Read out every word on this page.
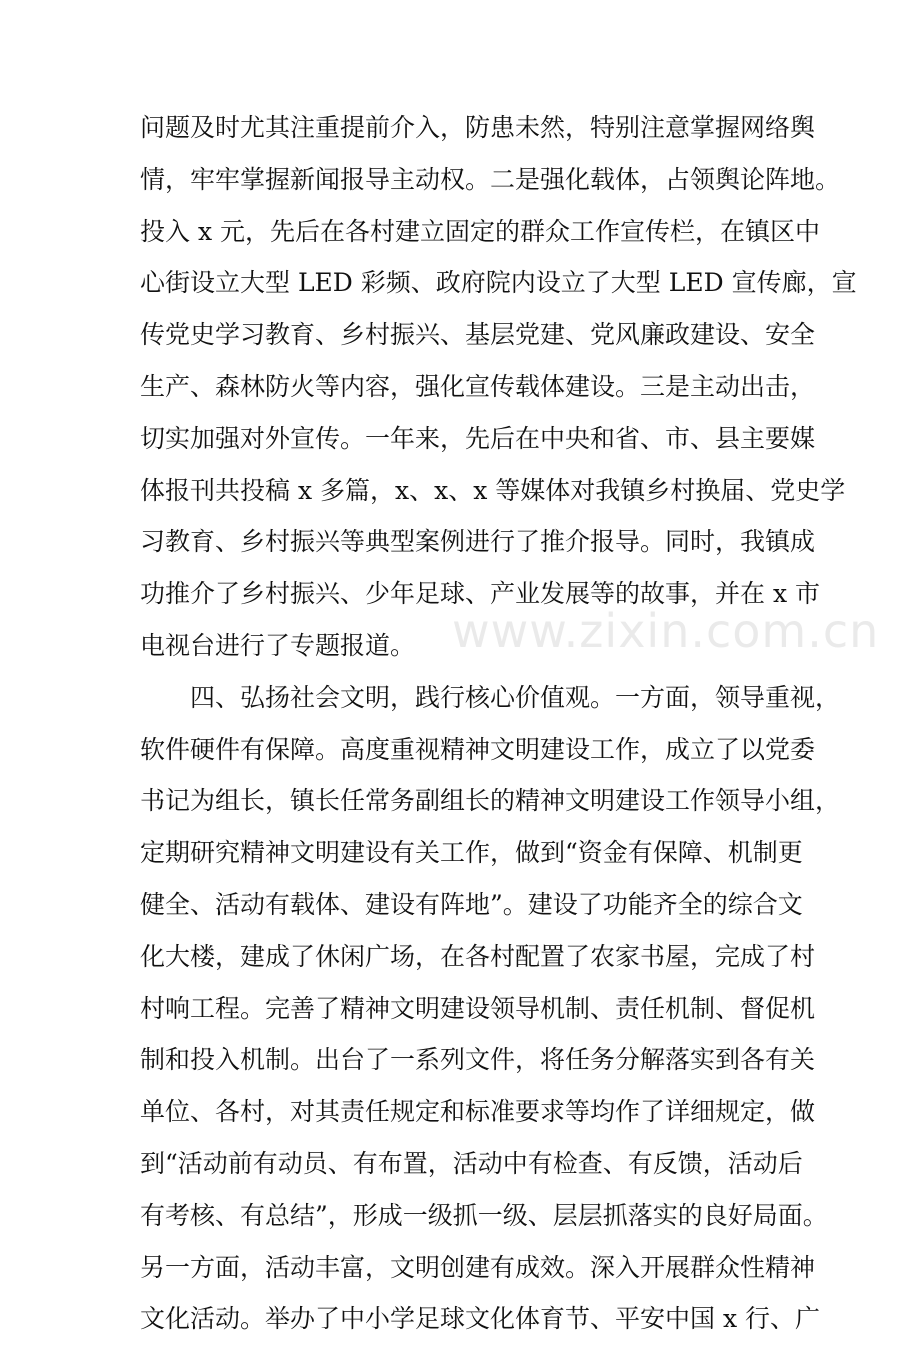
问题及时尤其注重提前介入，防患未然，特别注意掌握网络舆
情，牢牢掌握新闻报导主动权。二是强化载体，占领舆论阵地。
投入 x 元，先后在各村建立固定的群众工作宣传栏，在镇区中
心街设立大型 LED 彩频、政府院内设立了大型 LED 宣传廊，宣
传党史学习教育、乡村振兴、基层党建、党风廉政建设、安全
生产、森林防火等内容，强化宣传载体建设。三是主动出击，
切实加强对外宣传。一年来，先后在中央和省、市、县主要媒
体报刊共投稿 x 多篇，x、x、x 等媒体对我镇乡村换届、党史学
习教育、乡村振兴等典型案例进行了推介报导。同时，我镇成
功推介了乡村振兴、少年足球、产业发展等的故事，并在 x 市
电视台进行了专题报道。
四、弘扬社会文明，践行核心价值观。一方面，领导重视，
软件硬件有保障。高度重视精神文明建设工作，成立了以党委
书记为组长，镇长任常务副组长的精神文明建设工作领导小组，
定期研究精神文明建设有关工作，做到“资金有保障、机制更
健全、活动有载体、建设有阵地”。建设了功能齐全的综合文
化大楼，建成了休闲广场，在各村配置了农家书屋，完成了村
村响工程。完善了精神文明建设领导机制、责任机制、督促机
制和投入机制。出台了一系列文件，将任务分解落实到各有关
单位、各村，对其责任规定和标准要求等均作了详细规定，做
到“活动前有动员、有布置，活动中有检查、有反馈，活动后
有考核、有总结”，形成一级抓一级、层层抓落实的良好局面。
另一方面，活动丰富，文明创建有成效。深入开展群众性精神
文化活动。举办了中小学足球文化体育节、平安中国 x 行、广
www.zixin.com.cn
